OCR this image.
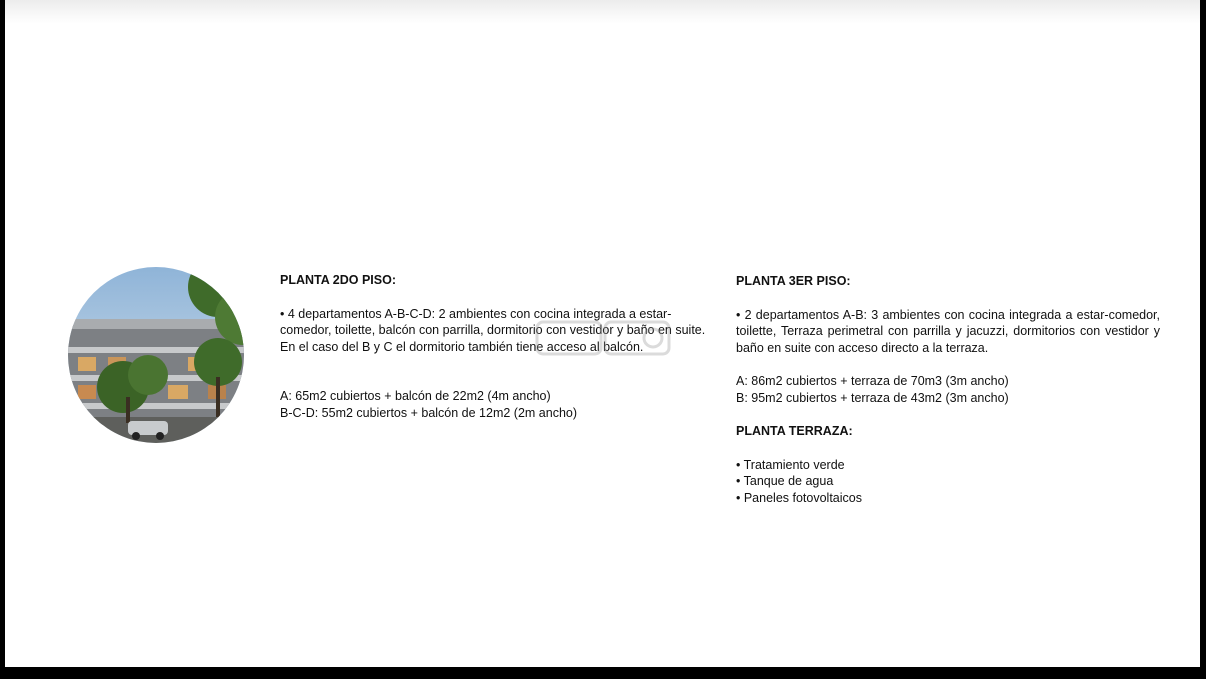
PLANTA 2DO PISO:

• 4 departamentos A-B-C-D: 2 ambientes con cocina integrada a estar-comedor, toilette, balcón con parrilla, dormitorio con vestidor y baño en suite. En el caso del B y C el dormitorio también tiene acceso al balcón.

A: 65m2 cubiertos + balcón de 22m2 (4m ancho)

B-C-D: 55m2 cubiertos + balcón de 12m2 (2m ancho)

PLANTA 3ER PISO:

• 2 departamentos A-B: 3 ambientes con cocina integrada a estar-comedor, toilette, Terraza perimetral con parrilla y jacuzzi, dormitorios con vestidor y baño en suite con acceso directo a la terraza.

A: 86m2 cubiertos + terraza de 70m3 (3m ancho)

B: 95m2 cubiertos + terraza de 43m2 (3m ancho)

PLANTA TERRAZA:

• Tratamiento verde

• Tanque de agua

• Paneles fotovoltaicos
